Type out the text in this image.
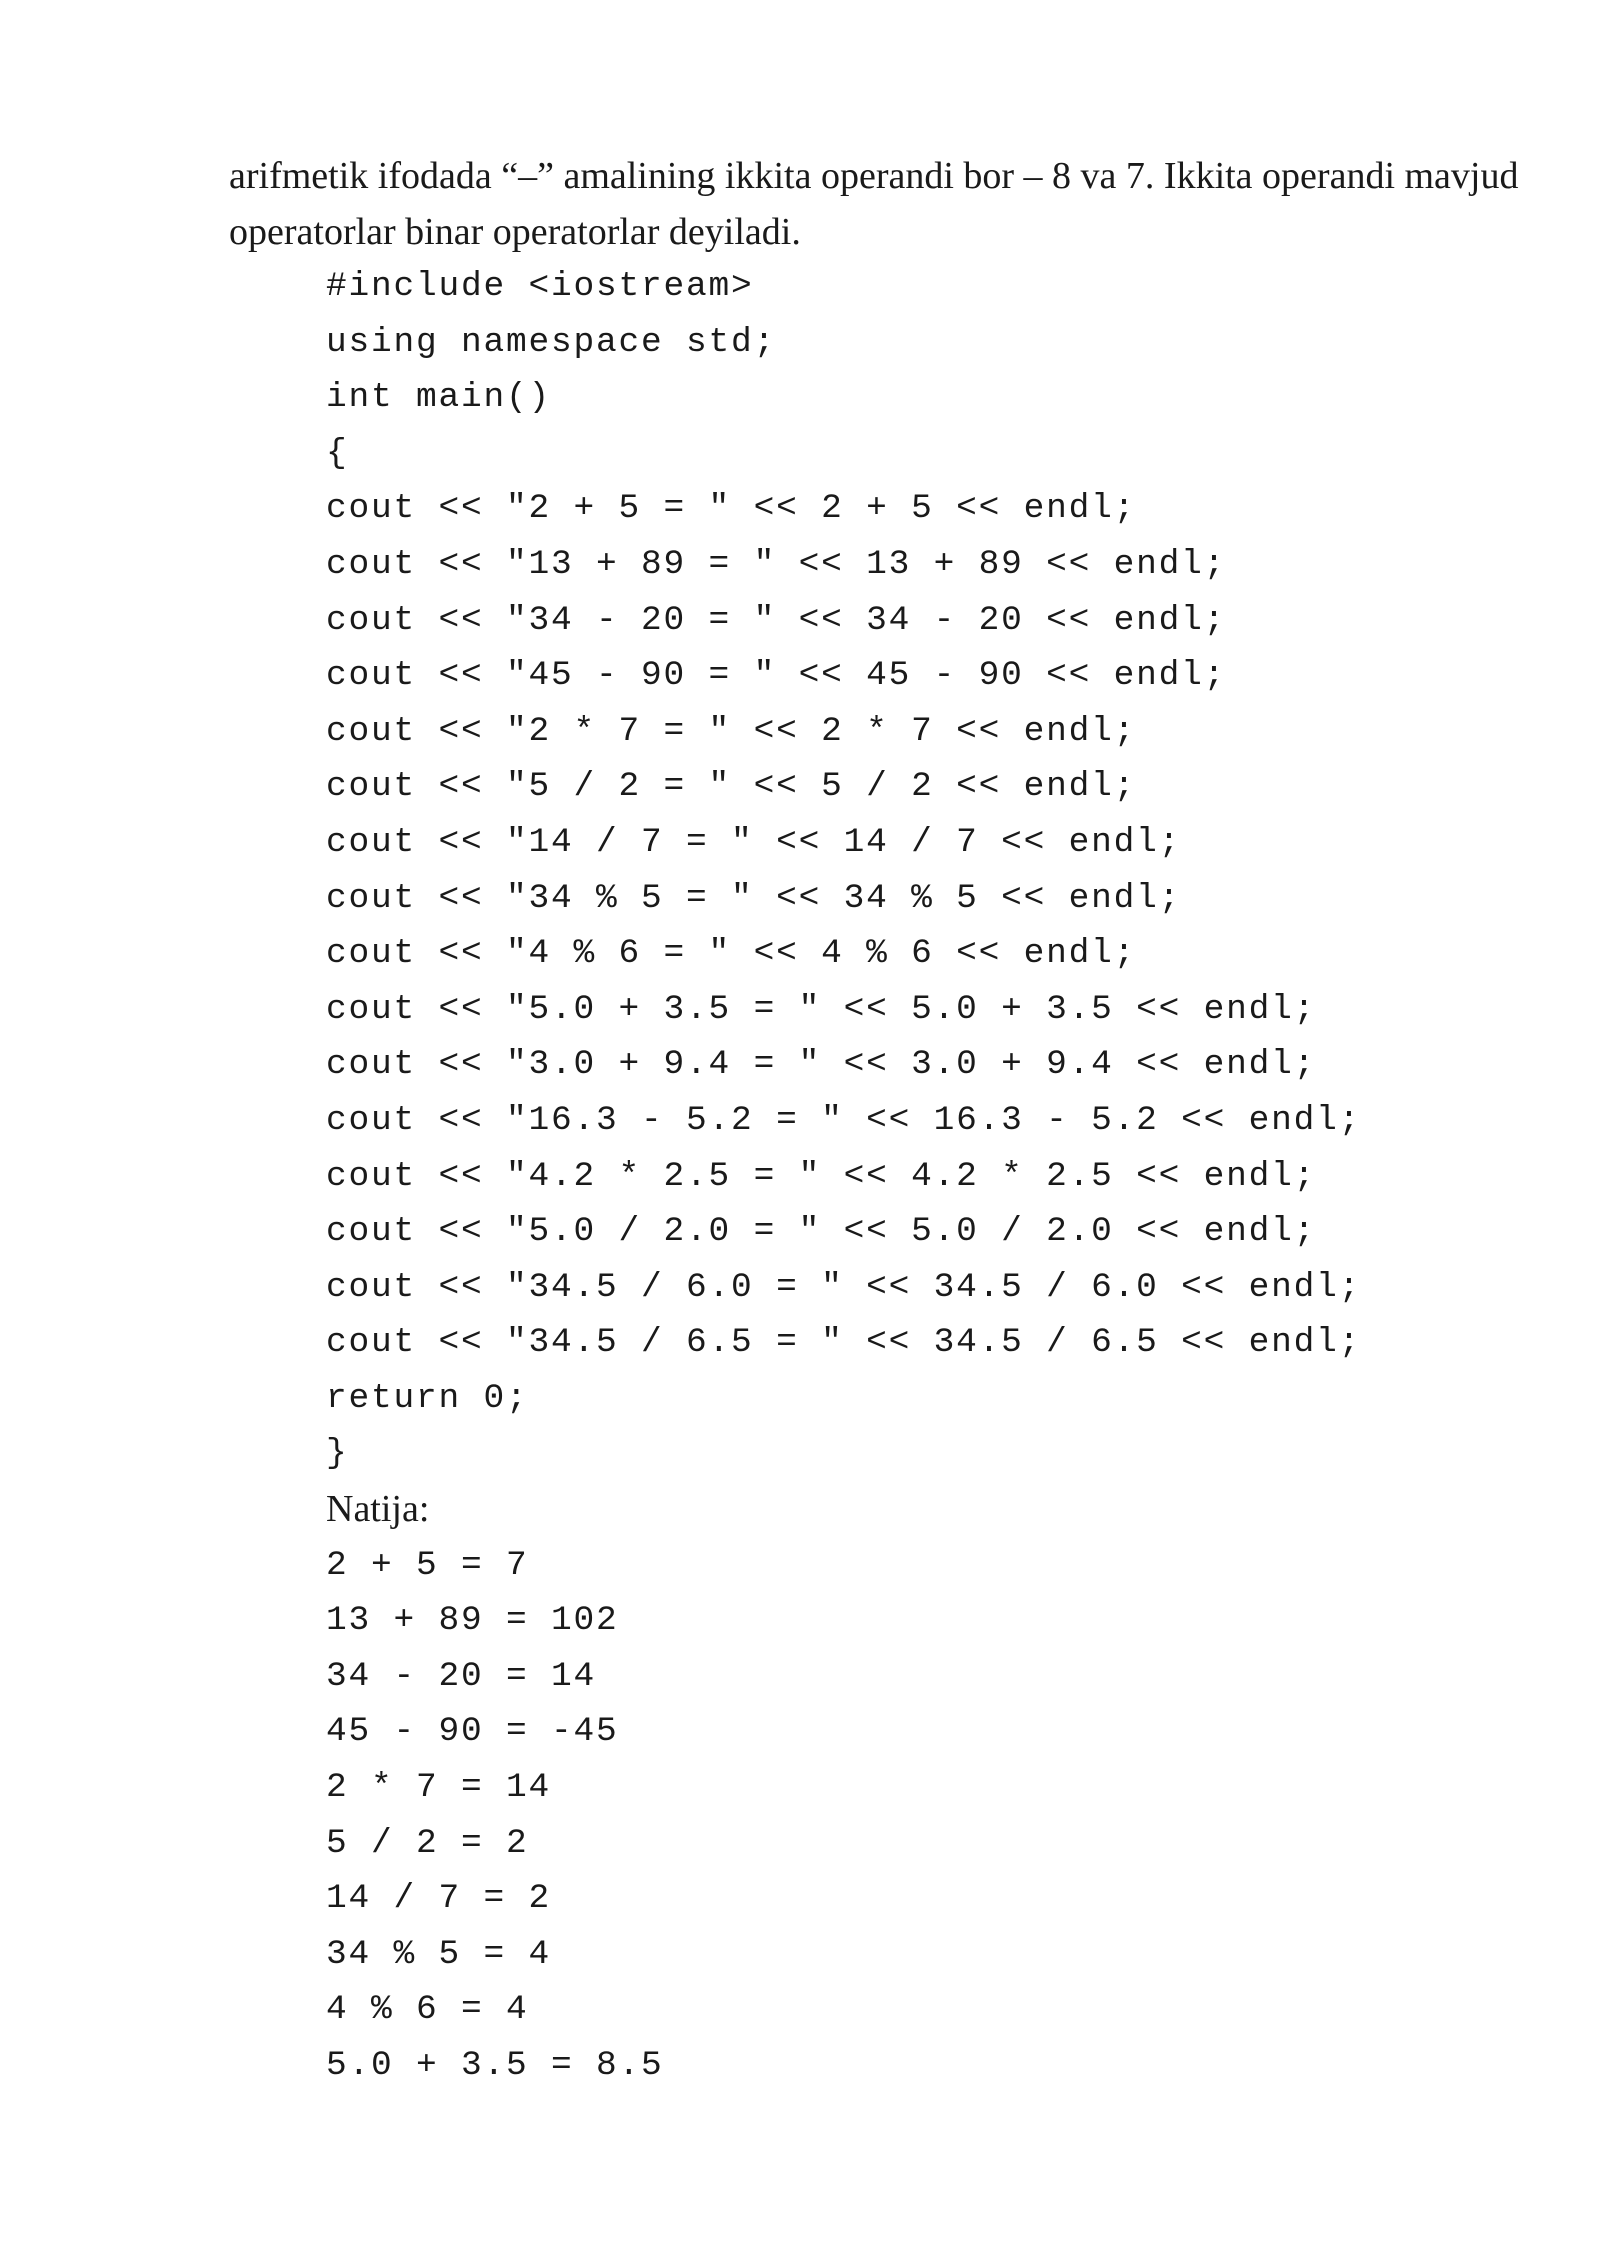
arifmetik ifodada “–” amalining ikkita operandi bor – 8 va 7. Ikkita operandi mavjud

operatorlar binar operatorlar deyiladi.

#include <iostream>
using namespace std;
int main()
{
cout << "2 + 5 = " << 2 + 5 << endl;
cout << "13 + 89 = " << 13 + 89 << endl;
cout << "34 - 20 = " << 34 - 20 << endl;
cout << "45 - 90 = " << 45 - 90 << endl;
cout << "2 * 7 = " << 2 * 7 << endl;
cout << "5 / 2 = " << 5 / 2 << endl;
cout << "14 / 7 = " << 14 / 7 << endl;
cout << "34 % 5 = " << 34 % 5 << endl;
cout << "4 % 6 = " << 4 % 6 << endl;
cout << "5.0 + 3.5 = " << 5.0 + 3.5 << endl;
cout << "3.0 + 9.4 = " << 3.0 + 9.4 << endl;
cout << "16.3 - 5.2 = " << 16.3 - 5.2 << endl;
cout << "4.2 * 2.5 = " << 4.2 * 2.5 << endl;
cout << "5.0 / 2.0 = " << 5.0 / 2.0 << endl;
cout << "34.5 / 6.0 = " << 34.5 / 6.0 << endl;
cout << "34.5 / 6.5 = " << 34.5 / 6.5 << endl;
return 0;
}
Natija:
2 + 5 = 7
13 + 89 = 102
34 - 20 = 14
45 - 90 = -45
2 * 7 = 14
5 / 2 = 2
14 / 7 = 2
34 % 5 = 4
4 % 6 = 4
5.0 + 3.5 = 8.5
